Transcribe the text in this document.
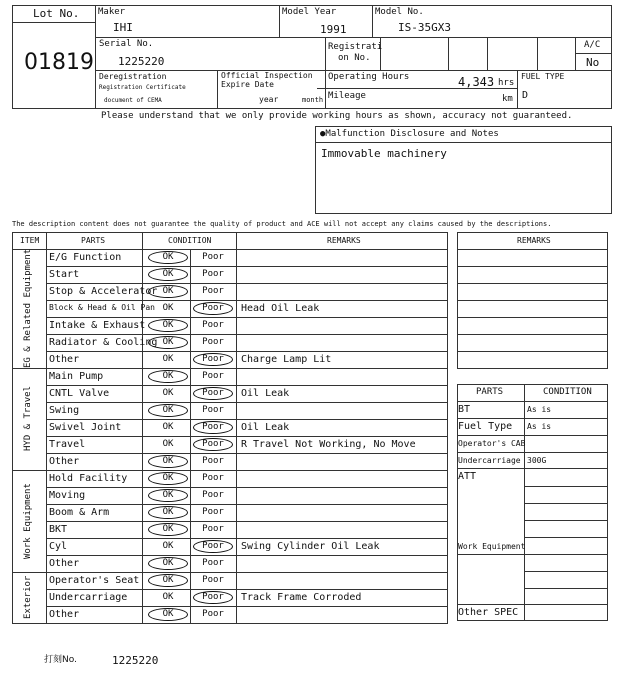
Lot No.
01819
Maker
IHI
Model Year
1991
Model No.
IS-35GX3
Serial No.
1225220
Registrati
on No.
A/C
No
Deregistration
Registration Certificate
document of CEMA
Official Inspection
Expire Date
year	month
Operating Hours	4,343 hrs
Mileage	km
FUEL TYPE
D
Please understand that we only provide working hours as shown, accuracy not guaranteed.
●Malfunction Disclosure and Notes
Immovable machinery
The description content does not guarantee the quality of product and ACE will not accept any claims caused by the descriptions.
ITEM	PARTS	CONDITION	REMARKS
E/G Function	OK	Poor
Start	OK	Poor
Stop & Accelerator OK	Poor
Block & Head & Oil Pan OK	Poor	Head Oil Leak
Intake & Exhaust	OK	Poor
Radiator & Cooling OK	Poor
Other	OK	Poor	Charge Lamp Lit
EG & Related Equipment
Main Pump	OK	Poor
CNTL Valve	OK	Poor	Oil Leak
Swing	OK	Poor
Swivel Joint	OK	Poor	Oil Leak
Travel	OK	Poor	R Travel Not Working, No Move
Other	OK	Poor
HYD & Travel
Hold Facility	OK	Poor
Moving	OK	Poor
Boom & Arm	OK	Poor
BKT	OK	Poor
Cyl	OK	Poor	Swing Cylinder Oil Leak
Other	OK	Poor
Work Equipment
Operator's Seat	OK	Poor
Undercarriage	OK	Poor	Track Frame Corroded
Other	OK	Poor
Exterior
REMARKS
PARTS	CONDITION
BT	As is
Fuel Type As is
Operator's CAB
Undercarriage 300G
ATT
Work Equipment
Other SPEC
打刻No.	1225220
